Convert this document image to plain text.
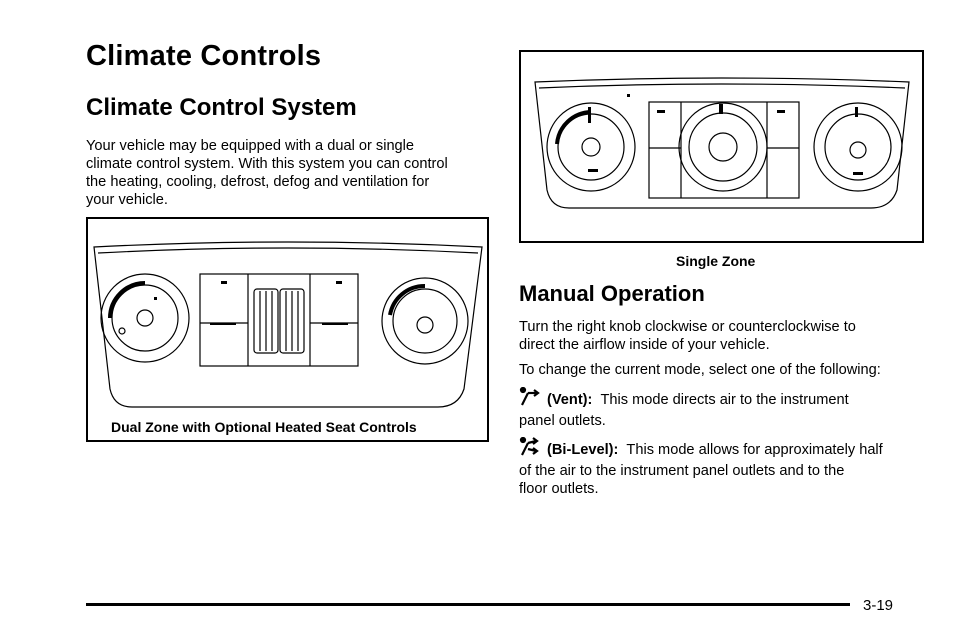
Climate Controls
Climate Control System
Your vehicle may be equipped with a dual or single
climate control system. With this system you can control
the heating, cooling, defrost, defog and ventilation for
your vehicle.
Dual Zone with Optional Heated Seat Controls
Single Zone
Manual Operation
Turn the right knob clockwise or counterclockwise to
direct the airflow inside of your vehicle.
To change the current mode, select one of the following:
(Vent): This mode directs air to the instrument
panel outlets.
(Bi-Level): This mode allows for approximately half
of the air to the instrument panel outlets and to the
floor outlets.
3-19
